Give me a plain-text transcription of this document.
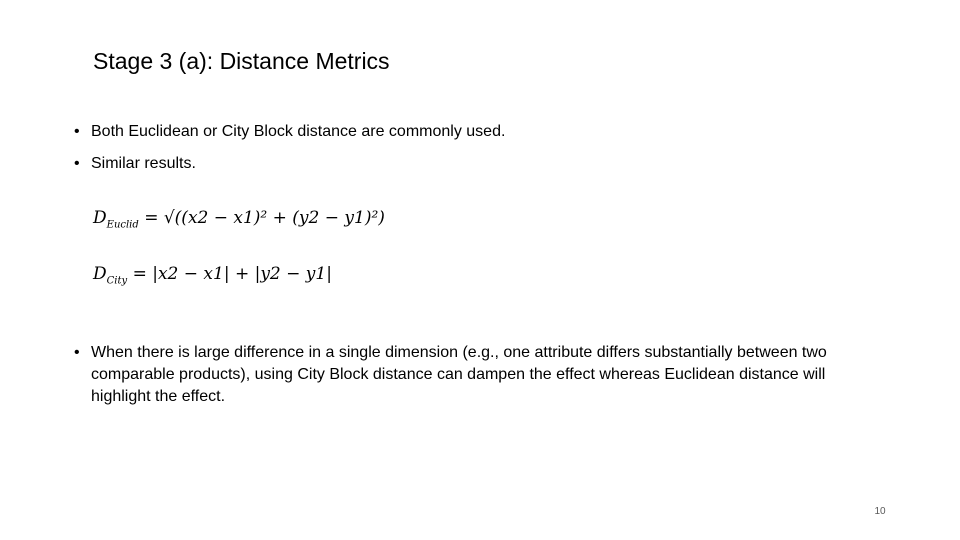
Stage 3 (a): Distance Metrics
• Both Euclidean or City Block distance are commonly used.
• Similar results.
$D_{Euclid} = √((x2 - x1)^2 + (y2 - y1)^2)$
$D_{City} = |x2 - x1| + |y2 - y1|$
• When there is large difference in a single dimension (e.g., one attribute differs substantially between two comparable products), using City Block distance can dampen the effect whereas Euclidean distance will highlight the effect.
10
